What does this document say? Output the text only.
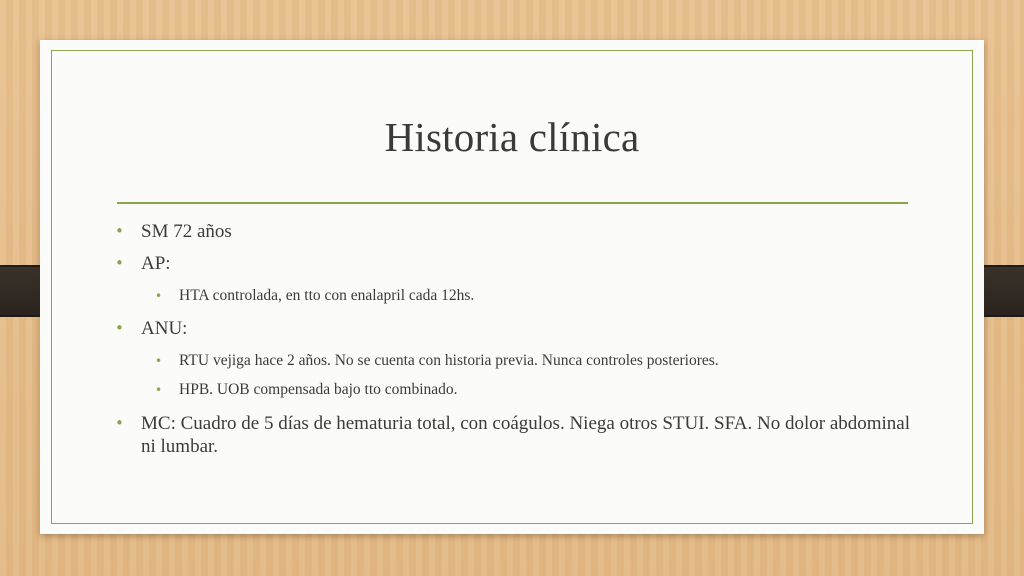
Historia clínica

• SM 72 años

• AP:

• HTA controlada, en tto con enalapril cada 12hs.

• ANU:

• RTU vejiga hace 2 años. No se cuenta con historia previa. Nunca controles posteriores.

• HPB. UOB compensada bajo tto combinado.

• MC: Cuadro de 5 días de hematuria total, con coágulos. Niega otros STUI. SFA. No dolor abdominal ni lumbar.
